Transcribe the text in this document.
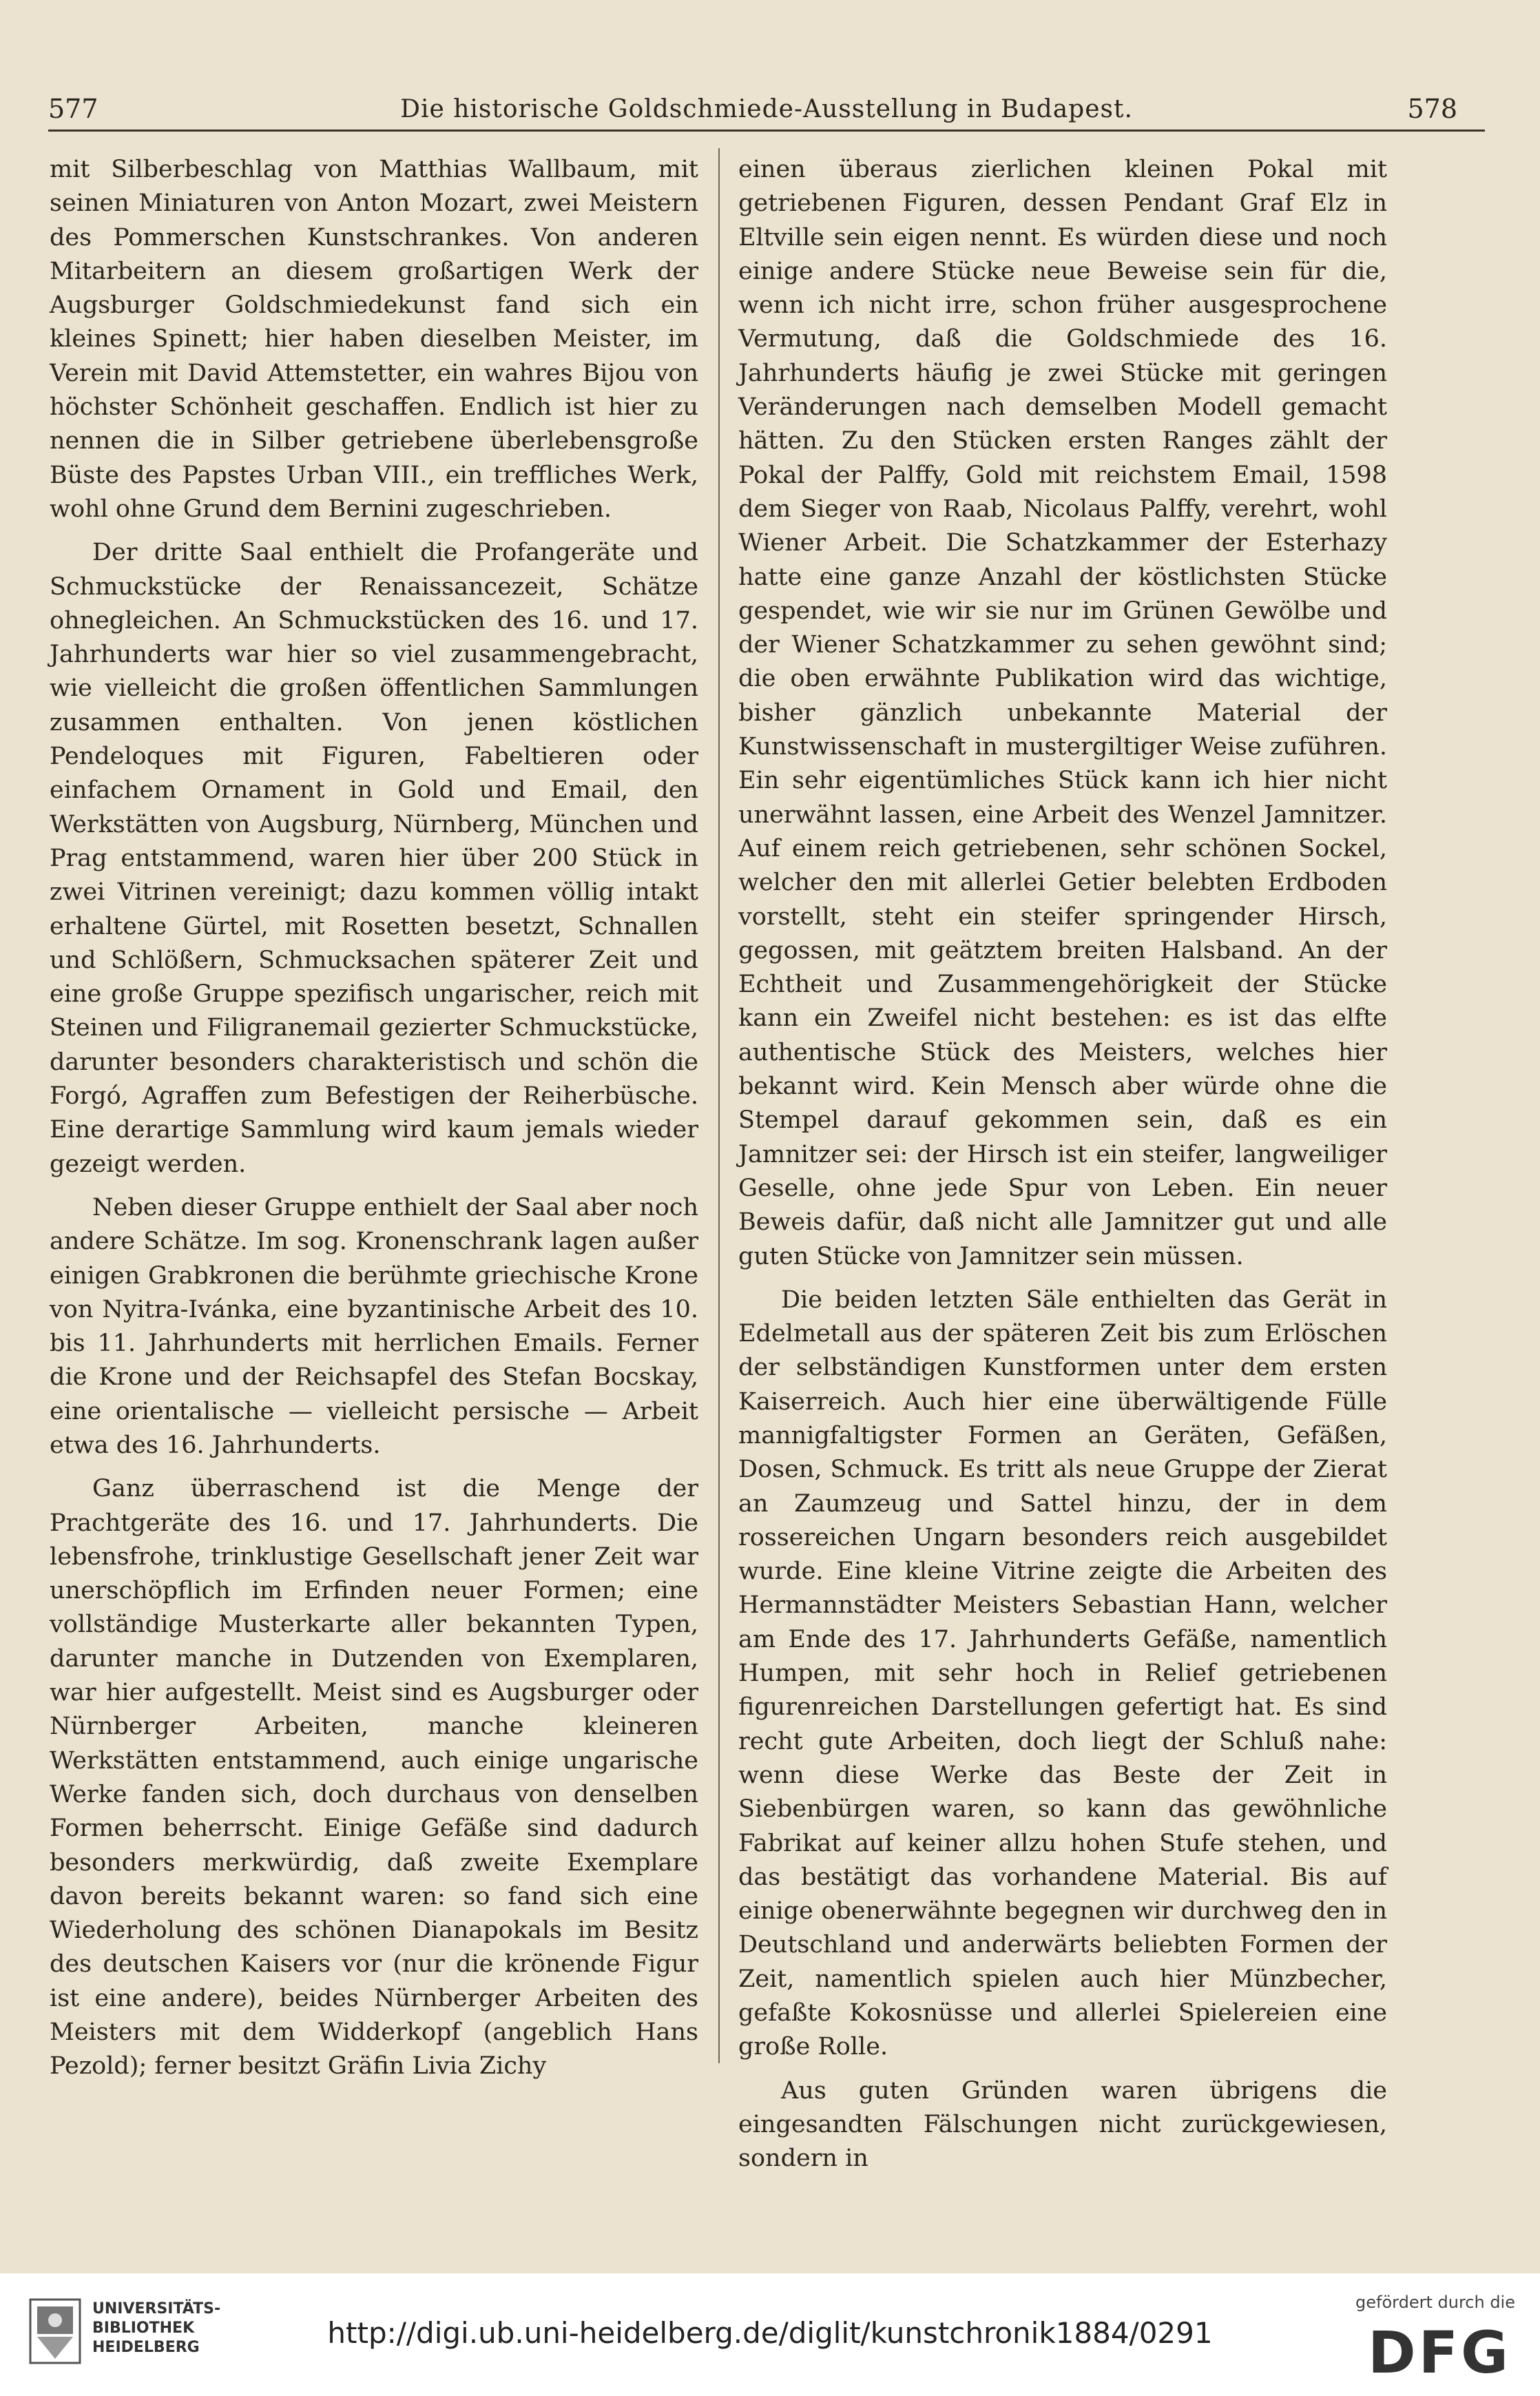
577	Die historische Goldschmiede-Ausstellung in Budapest.	578

mit Silberbeschlag von Matthias Wallbaum, mit seinen Miniaturen von Anton Mozart, zwei Meistern des Pommerschen Kunstschrankes. Von anderen Mitarbeitern an diesem großartigen Werk der Augsburger Goldschmiedekunst fand sich ein kleines Spinett; hier haben dieselben Meister, im Verein mit David Attemstetter, ein wahres Bijou von höchster Schönheit geschaffen. Endlich ist hier zu nennen die in Silber getriebene überlebensgroße Büste des Papstes Urban VIII., ein treffliches Werk, wohl ohne Grund dem Bernini zugeschrieben.

Der dritte Saal enthielt die Profangeräte und Schmuckstücke der Renaissancezeit, Schätze ohnegleichen. An Schmuckstücken des 16. und 17. Jahrhunderts war hier so viel zusammengebracht, wie vielleicht die großen öffentlichen Sammlungen zusammen enthalten. Von jenen köstlichen Pendeloques mit Figuren, Fabeltieren oder einfachem Ornament in Gold und Email, den Werkstätten von Augsburg, Nürnberg, München und Prag entstammend, waren hier über 200 Stück in zwei Vitrinen vereinigt; dazu kommen völlig intakt erhaltene Gürtel, mit Rosetten besetzt, Schnallen und Schlößern, Schmucksachen späterer Zeit und eine große Gruppe spezifisch ungarischer, reich mit Steinen und Filigranemail gezierter Schmuckstücke, darunter besonders charakteristisch und schön die Forgó, Agraffen zum Befestigen der Reiherbüsche. Eine derartige Sammlung wird kaum jemals wieder gezeigt werden.

Neben dieser Gruppe enthielt der Saal aber noch andere Schätze. Im sog. Kronenschrank lagen außer einigen Grabkronen die berühmte griechische Krone von Nyitra-Ivánka, eine byzantinische Arbeit des 10. bis 11. Jahrhunderts mit herrlichen Emails. Ferner die Krone und der Reichsapfel des Stefan Bocskay, eine orientalische — vielleicht persische — Arbeit etwa des 16. Jahrhunderts.

Ganz überraschend ist die Menge der Prachtgeräte des 16. und 17. Jahrhunderts. Die lebensfrohe, trinklustige Gesellschaft jener Zeit war unerschöpflich im Erfinden neuer Formen; eine vollständige Musterkarte aller bekannten Typen, darunter manche in Dutzenden von Exemplaren, war hier aufgestellt. Meist sind es Augsburger oder Nürnberger Arbeiten, manche kleineren Werkstätten entstammend, auch einige ungarische Werke fanden sich, doch durchaus von denselben Formen beherrscht. Einige Gefäße sind dadurch besonders merkwürdig, daß zweite Exemplare davon bereits bekannt waren: so fand sich eine Wiederholung des schönen Dianapokals im Besitz des deutschen Kaisers vor (nur die krönende Figur ist eine andere), beides Nürnberger Arbeiten des Meisters mit dem Widderkopf (angeblich Hans Pezold); ferner besitzt Gräfin Livia Zichy

einen überaus zierlichen kleinen Pokal mit getriebenen Figuren, dessen Pendant Graf Elz in Eltville sein eigen nennt. Es würden diese und noch einige andere Stücke neue Beweise sein für die, wenn ich nicht irre, schon früher ausgesprochene Vermutung, daß die Goldschmiede des 16. Jahrhunderts häufig je zwei Stücke mit geringen Veränderungen nach demselben Modell gemacht hätten. Zu den Stücken ersten Ranges zählt der Pokal der Palffy, Gold mit reichstem Email, 1598 dem Sieger von Raab, Nicolaus Palffy, verehrt, wohl Wiener Arbeit. Die Schatzkammer der Esterhazy hatte eine ganze Anzahl der köstlichsten Stücke gespendet, wie wir sie nur im Grünen Gewölbe und der Wiener Schatzkammer zu sehen gewöhnt sind; die oben erwähnte Publikation wird das wichtige, bisher gänzlich unbekannte Material der Kunstwissenschaft in mustergiltiger Weise zuführen. Ein sehr eigentümliches Stück kann ich hier nicht unerwähnt lassen, eine Arbeit des Wenzel Jamnitzer. Auf einem reich getriebenen, sehr schönen Sockel, welcher den mit allerlei Getier belebten Erdboden vorstellt, steht ein steifer springender Hirsch, gegossen, mit geätztem breiten Halsband. An der Echtheit und Zusammengehörigkeit der Stücke kann ein Zweifel nicht bestehen: es ist das elfte authentische Stück des Meisters, welches hier bekannt wird. Kein Mensch aber würde ohne die Stempel darauf gekommen sein, daß es ein Jamnitzer sei: der Hirsch ist ein steifer, langweiliger Geselle, ohne jede Spur von Leben. Ein neuer Beweis dafür, daß nicht alle Jamnitzer gut und alle guten Stücke von Jamnitzer sein müssen.

Die beiden letzten Säle enthielten das Gerät in Edelmetall aus der späteren Zeit bis zum Erlöschen der selbständigen Kunstformen unter dem ersten Kaiserreich. Auch hier eine überwältigende Fülle mannigfaltigster Formen an Geräten, Gefäßen, Dosen, Schmuck. Es tritt als neue Gruppe der Zierat an Zaumzeug und Sattel hinzu, der in dem rossereichen Ungarn besonders reich ausgebildet wurde. Eine kleine Vitrine zeigte die Arbeiten des Hermannstädter Meisters Sebastian Hann, welcher am Ende des 17. Jahrhunderts Gefäße, namentlich Humpen, mit sehr hoch in Relief getriebenen figurenreichen Darstellungen gefertigt hat. Es sind recht gute Arbeiten, doch liegt der Schluß nahe: wenn diese Werke das Beste der Zeit in Siebenbürgen waren, so kann das gewöhnliche Fabrikat auf keiner allzu hohen Stufe stehen, und das bestätigt das vorhandene Material. Bis auf einige obenerwähnte begegnen wir durchweg den in Deutschland und anderwärts beliebten Formen der Zeit, namentlich spielen auch hier Münzbecher, gefaßte Kokosnüsse und allerlei Spielereien eine große Rolle.

Aus guten Gründen waren übrigens die eingesandten Fälschungen nicht zurückgewiesen, sondern in

UNIVERSITÄTS-
BIBLIOTHEK
HEIDELBERG	http://digi.ub.uni-heidelberg.de/diglit/kunstchronik1884/0291
gefördert durch die
DFG
